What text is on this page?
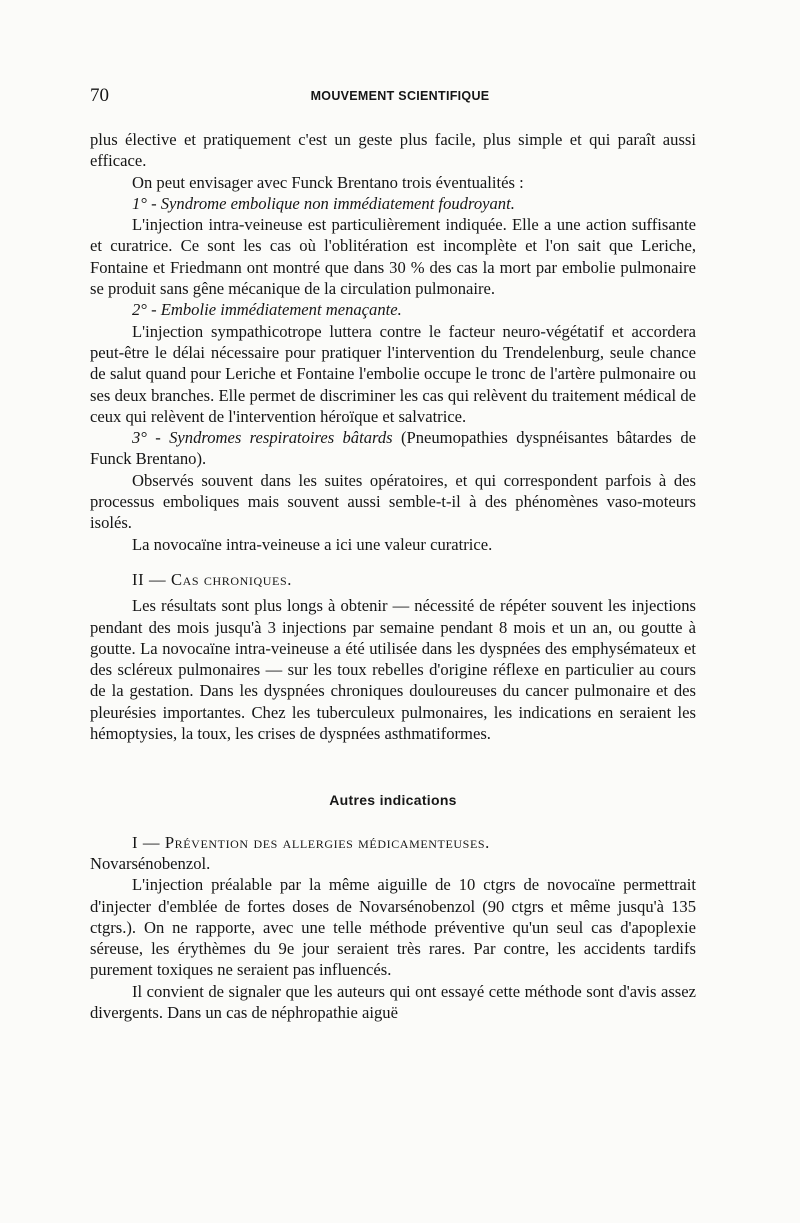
70	MOUVEMENT SCIENTIFIQUE

plus élective et pratiquement c'est un geste plus facile, plus simple et qui paraît aussi efficace.

On peut envisager avec Funck Brentano trois éventualités :

1° - Syndrome embolique non immédiatement foudroyant.

L'injection intra-veineuse est particulièrement indiquée. Elle a une action suffisante et curatrice. Ce sont les cas où l'oblitération est incomplète et l'on sait que Leriche, Fontaine et Friedmann ont montré que dans 30 % des cas la mort par embolie pulmonaire se produit sans gêne mécanique de la circulation pulmonaire.

2° - Embolie immédiatement menaçante.

L'injection sympathicotrope luttera contre le facteur neuro-végétatif et accordera peut-être le délai nécessaire pour pratiquer l'intervention du Trendelenburg, seule chance de salut quand pour Leriche et Fontaine l'embolie occupe le tronc de l'artère pulmonaire ou ses deux branches. Elle permet de discriminer les cas qui relèvent du traitement médical de ceux qui relèvent de l'intervention héroïque et salvatrice.

3° - Syndromes respiratoires bâtards (Pneumopathies dyspnéisantes bâtardes de Funck Brentano).

Observés souvent dans les suites opératoires, et qui correspondent parfois à des processus emboliques mais souvent aussi semble-t-il à des phénomènes vaso-moteurs isolés.

La novocaïne intra-veineuse a ici une valeur curatrice.

II — Cas chroniques.

Les résultats sont plus longs à obtenir — nécessité de répéter souvent les injections pendant des mois jusqu'à 3 injections par semaine pendant 8 mois et un an, ou goutte à goutte. La novocaïne intra-veineuse a été utilisée dans les dyspnées des emphysémateux et des scléreux pulmonaires — sur les toux rebelles d'origine réflexe en particulier au cours de la gestation. Dans les dyspnées chroniques douloureuses du cancer pulmonaire et des pleurésies importantes. Chez les tuberculeux pulmonaires, les indications en seraient les hémoptysies, la toux, les crises de dyspnées asthmatiformes.

Autres indications

I — Prévention des allergies médicamenteuses.

Novarsénobenzol.

L'injection préalable par la même aiguille de 10 ctgrs de novocaïne permettrait d'injecter d'emblée de fortes doses de Novarsénobenzol (90 ctgrs et même jusqu'à 135 ctgrs.). On ne rapporte, avec une telle méthode préventive qu'un seul cas d'apoplexie séreuse, les érythèmes du 9e jour seraient très rares. Par contre, les accidents tardifs purement toxiques ne seraient pas influencés.

Il convient de signaler que les auteurs qui ont essayé cette méthode sont d'avis assez divergents. Dans un cas de néphropathie aiguë
